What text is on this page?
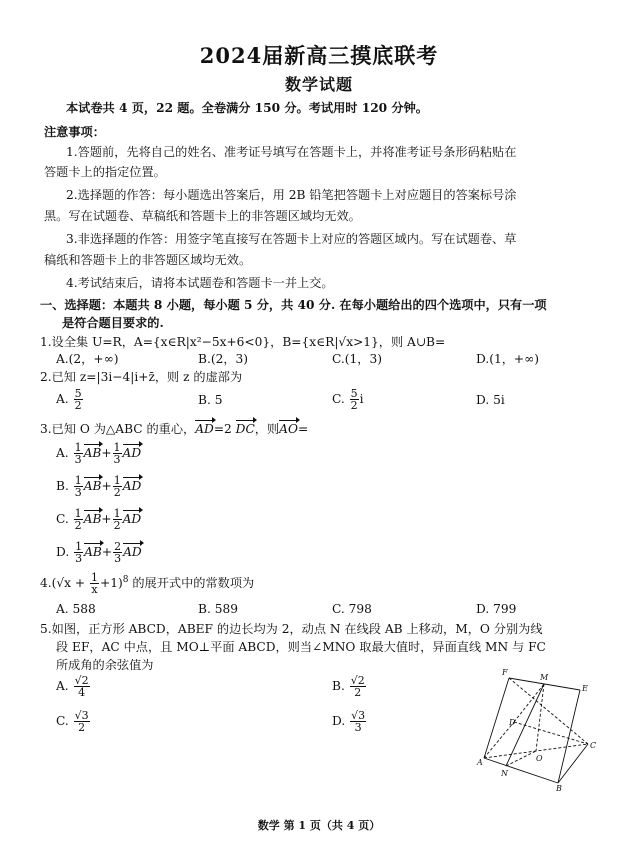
2024届新高三摸底联考
数学试题
本试卷共 4 页，22 题。全卷满分 150 分。考试用时 120 分钟。
注意事项：
1.答题前，先将自己的姓名、准考证号填写在答题卡上，并将准考证号条形码粘贴在
答题卡上的指定位置。
2.选择题的作答：每小题选出答案后，用 2B 铅笔把答题卡上对应题目的答案标号涂
黑。写在试题卷、草稿纸和答题卡上的非答题区域均无效。
3.非选择题的作答：用签字笔直接写在答题卡上对应的答题区域内。写在试题卷、草
稿纸和答题卡上的非答题区域均无效。
4.考试结束后，请将本试题卷和答题卡一并上交。
一、选择题：本题共 8 小题，每小题 5 分，共 40 分. 在每小题给出的四个选项中，只有一项
是符合题目要求的.
1.设全集 U=R，A={x∈R|x²−5x+6<0}，B={x∈R|√x>1}，则 A∪B=
A.(2，+∞)	B.(2，3)	C.(1，3)	D.(1，+∞)
2.已知 z=|3i−4|i+z̄，则 z 的虚部为
A. $\frac{5}{2}$	B. 5	C. $\frac{5}{2}$ i	D. 5i
3.已知 O 为△ABC 的重心，AD=2 DC，则AO=
A. $\frac{1}{3} AB+ \frac{1}{3}$ AD
B. $\frac{1}{3} AB+ \frac{1}{2}$ AD
C. $\frac{1}{2} AB+ \frac{1}{2}$ AD
D. $\frac{1}{3} AB+ \frac{2}{3}$ AD
$4.(√x + \frac{1}{x} +1)^8$ 的展开式中的常数项为
A. 588	B. 589	C. 798	D. 799
5.如图，正方形 ABCD，ABEF 的边长均为 2，动点 N 在线段 AB 上移动，M，O 分别为线
段 EF，AC 中点，且 MO⊥平面 ABCD，则当∠MNO 取最大值时，异面直线 MN 与 FC
所成角的余弦值为
A. $\frac{√2}{4}$	B. $\frac{√2}{2}$
C. $\frac{√3}{2}$	D. $\frac{√3}{3}$
F
M
E
D
C
A
N
O
B
数学 第 1 页（共 4 页）
